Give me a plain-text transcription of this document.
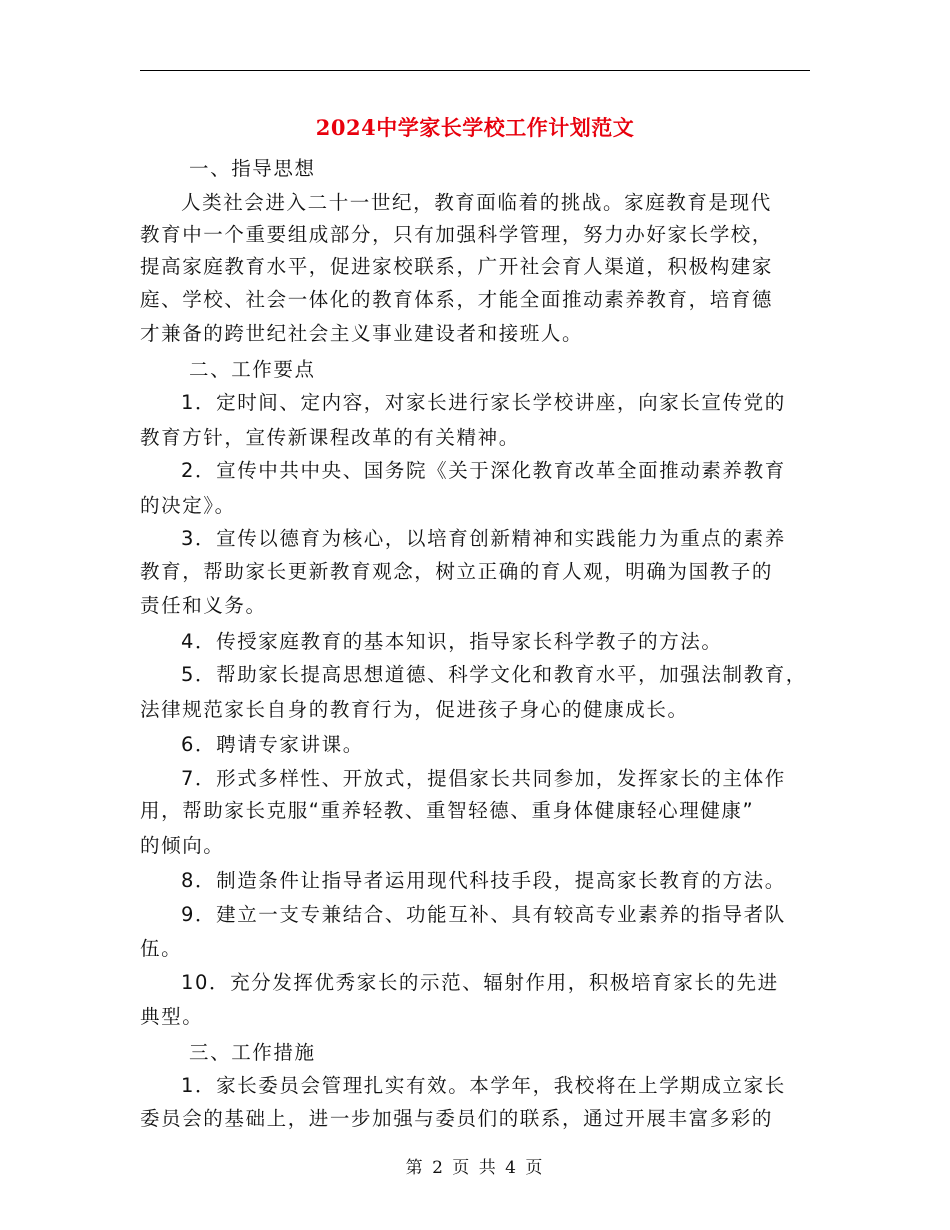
2024中学家长学校工作计划范文
一、指导思想
人类社会进入二十一世纪，教育面临着的挑战。家庭教育是现代
教育中一个重要组成部分，只有加强科学管理，努力办好家长学校，
提高家庭教育水平，促进家校联系，广开社会育人渠道，积极构建家
庭、学校、社会一体化的教育体系，才能全面推动素养教育，培育德
才兼备的跨世纪社会主义事业建设者和接班人。
二、工作要点
1．定时间、定内容，对家长进行家长学校讲座，向家长宣传党的
教育方针，宣传新课程改革的有关精神。
2．宣传中共中央、国务院《关于深化教育改革全面推动素养教育
的决定》。
3．宣传以德育为核心，以培育创新精神和实践能力为重点的素养
教育，帮助家长更新教育观念，树立正确的育人观，明确为国教子的
责任和义务。
4．传授家庭教育的基本知识，指导家长科学教子的方法。
5．帮助家长提高思想道德、科学文化和教育水平，加强法制教育，
法律规范家长自身的教育行为，促进孩子身心的健康成长。
6．聘请专家讲课。
7．形式多样性、开放式，提倡家长共同参加，发挥家长的主体作
用，帮助家长克服“重养轻教、重智轻德、重身体健康轻心理健康”
的倾向。
8．制造条件让指导者运用现代科技手段，提高家长教育的方法。
9．建立一支专兼结合、功能互补、具有较高专业素养的指导者队
伍。
10．充分发挥优秀家长的示范、辐射作用，积极培育家长的先进
典型。
三、工作措施
1．家长委员会管理扎实有效。本学年，我校将在上学期成立家长
委员会的基础上，进一步加强与委员们的联系，通过开展丰富多彩的
第 2 页 共 4 页
